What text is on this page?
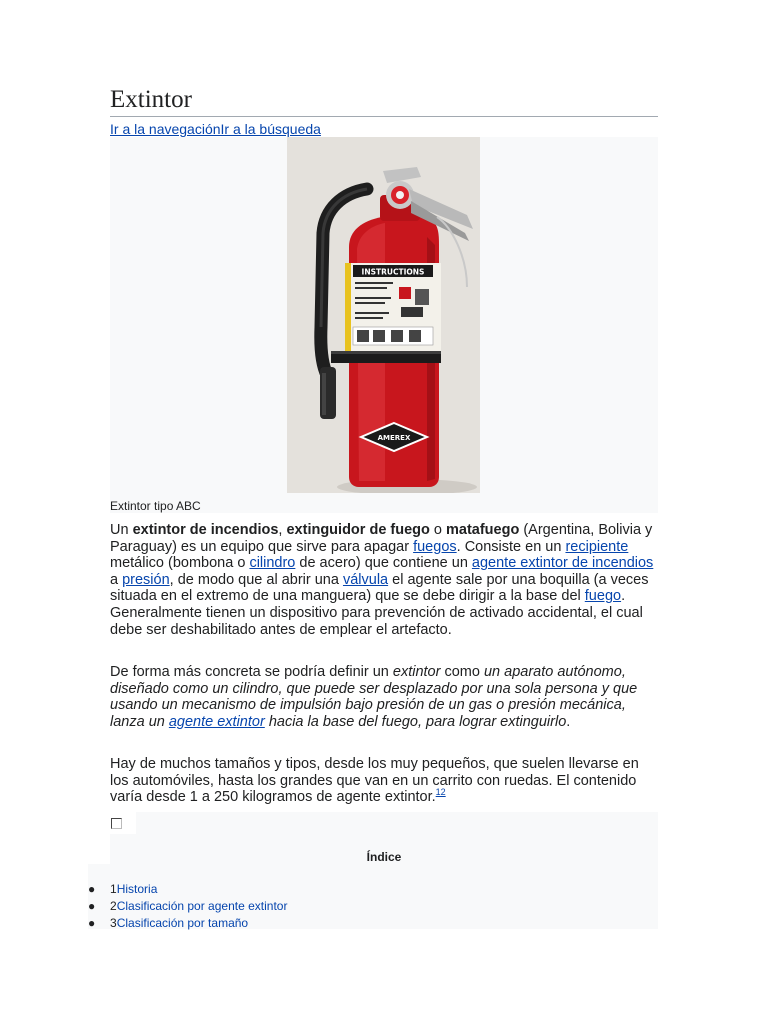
Extintor
Ir a la navegaciónIr a la búsqueda
INSTRUCTIONS
AMEREX
Extintor tipo ABC

Un extintor de incendios, extinguidor de fuego o matafuego (Argentina, Bolivia y Paraguay) es un equipo que sirve para apagar fuegos. Consiste en un recipiente metálico (bombona o cilindro de acero) que contiene un agente extintor de incendios a presión, de modo que al abrir una válvula el agente sale por una boquilla (a veces situada en el extremo de una manguera) que se debe dirigir a la base del fuego. Generalmente tienen un dispositivo para prevención de activado accidental, el cual debe ser deshabilitado antes de emplear el artefacto.

De forma más concreta se podría definir un extintor como un aparato autónomo, diseñado como un cilindro, que puede ser desplazado por una sola persona y que usando un mecanismo de impulsión bajo presión de un gas o presión mecánica, lanza un agente extintor hacia la base del fuego, para lograr extinguirlo.

Hay de muchos tamaños y tipos, desde los muy pequeños, que suelen llevarse en los automóviles, hasta los grandes que van en un carrito con ruedas. El contenido varía desde 1 a 250 kilogramos de agente extintor.$^{12}$

Índice
● 1Historia
● 2Clasificación por agente extintor
● 3Clasificación por tamaño
